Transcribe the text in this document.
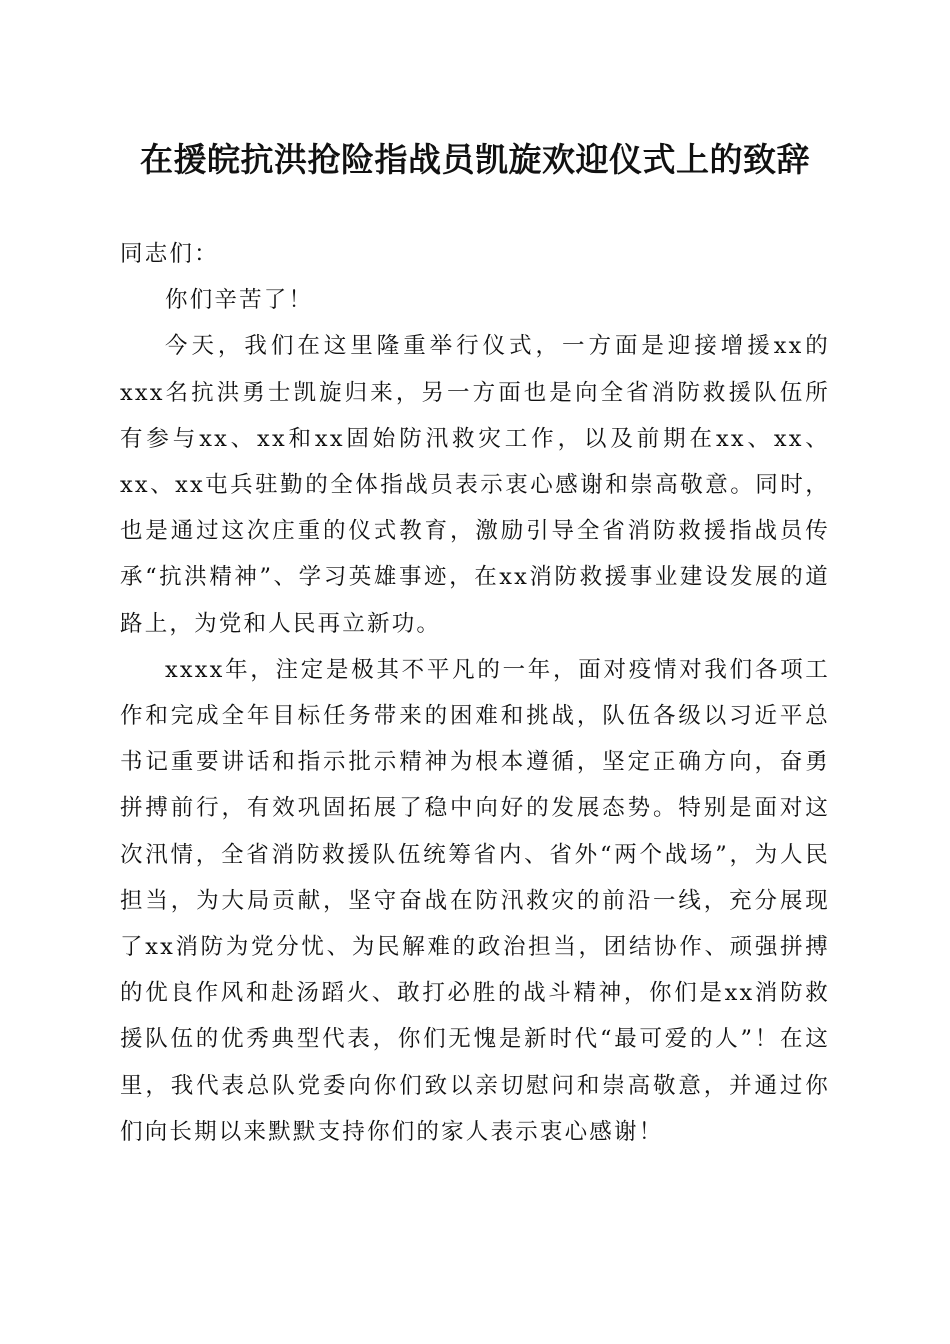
在援皖抗洪抢险指战员凯旋欢迎仪式上的致辞

同志们：

你们辛苦了！

今天，我们在这里隆重举行仪式，一方面是迎接增援xx的xxx名抗洪勇士凯旋归来，另一方面也是向全省消防救援队伍所有参与xx、xx和xx固始防汛救灾工作，以及前期在xx、xx、xx、xx屯兵驻勤的全体指战员表示衷心感谢和崇高敬意。同时，也是通过这次庄重的仪式教育，激励引导全省消防救援指战员传承“抗洪精神”、学习英雄事迹，在xx消防救援事业建设发展的道路上，为党和人民再立新功。

xxxx年，注定是极其不平凡的一年，面对疫情对我们各项工作和完成全年目标任务带来的困难和挑战，队伍各级以习近平总书记重要讲话和指示批示精神为根本遵循，坚定正确方向，奋勇拼搏前行，有效巩固拓展了稳中向好的发展态势。特别是面对这次汛情，全省消防救援队伍统筹省内、省外“两个战场”，为人民担当，为大局贡献，坚守奋战在防汛救灾的前沿一线，充分展现了xx消防为党分忧、为民解难的政治担当，团结协作、顽强拼搏的优良作风和赴汤蹈火、敢打必胜的战斗精神，你们是xx消防救援队伍的优秀典型代表，你们无愧是新时代“最可爱的人”！在这里，我代表总队党委向你们致以亲切慰问和崇高敬意，并通过你们向长期以来默默支持你们的家人表示衷心感谢！
